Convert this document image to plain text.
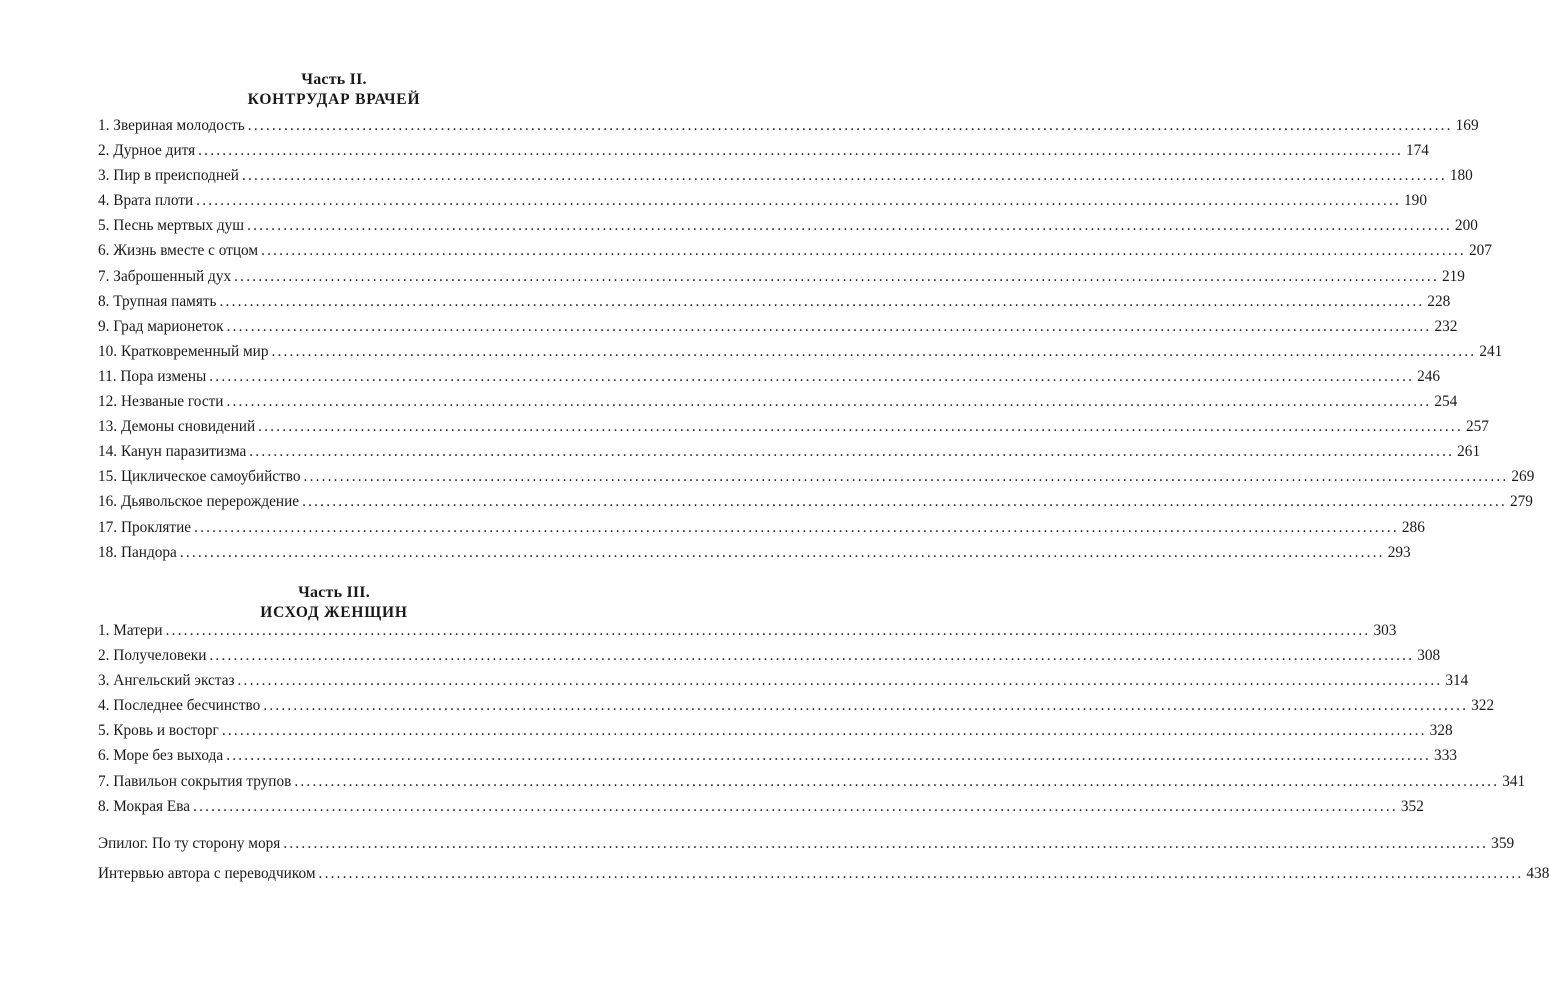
Часть II.
КОНТРУДАР ВРАЧЕЙ
1. Звериная молодость ........................................................................................................................................................................................................ 169
2. Дурное дитя ........................................................................................................................................................................................................ 174
3. Пир в преисподней ........................................................................................................................................................................................................ 180
4. Врата плоти ........................................................................................................................................................................................................ 190
5. Песнь мертвых душ ........................................................................................................................................................................................................ 200
6. Жизнь вместе с отцом ........................................................................................................................................................................................................ 207
7. Заброшенный дух ........................................................................................................................................................................................................ 219
8. Трупная память ........................................................................................................................................................................................................ 228
9. Град марионеток ........................................................................................................................................................................................................ 232
10. Кратковременный мир ........................................................................................................................................................................................................ 241
11. Пора измены ........................................................................................................................................................................................................ 246
12. Незваные гости ........................................................................................................................................................................................................ 254
13. Демоны сновидений ........................................................................................................................................................................................................ 257
14. Канун паразитизма ........................................................................................................................................................................................................ 261
15. Циклическое самоубийство ........................................................................................................................................................................................................ 269
16. Дьявольское перерождение ........................................................................................................................................................................................................ 279
17. Проклятие ........................................................................................................................................................................................................ 286
18. Пандора ........................................................................................................................................................................................................ 293
Часть III.
ИСХОД ЖЕНЩИН
1. Матери ........................................................................................................................................................................................................ 303
2. Получеловеки ........................................................................................................................................................................................................ 308
3. Ангельский экстаз ........................................................................................................................................................................................................ 314
4. Последнее бесчинство ........................................................................................................................................................................................................ 322
5. Кровь и восторг ........................................................................................................................................................................................................ 328
6. Море без выхода ........................................................................................................................................................................................................ 333
7. Павильон сокрытия трупов ........................................................................................................................................................................................................ 341
8. Мокрая Ева ........................................................................................................................................................................................................ 352
Эпилог. По ту сторону моря ........................................................................................................................................................................................................ 359
Интервью автора с переводчиком ........................................................................................................................................................................................................ 438
